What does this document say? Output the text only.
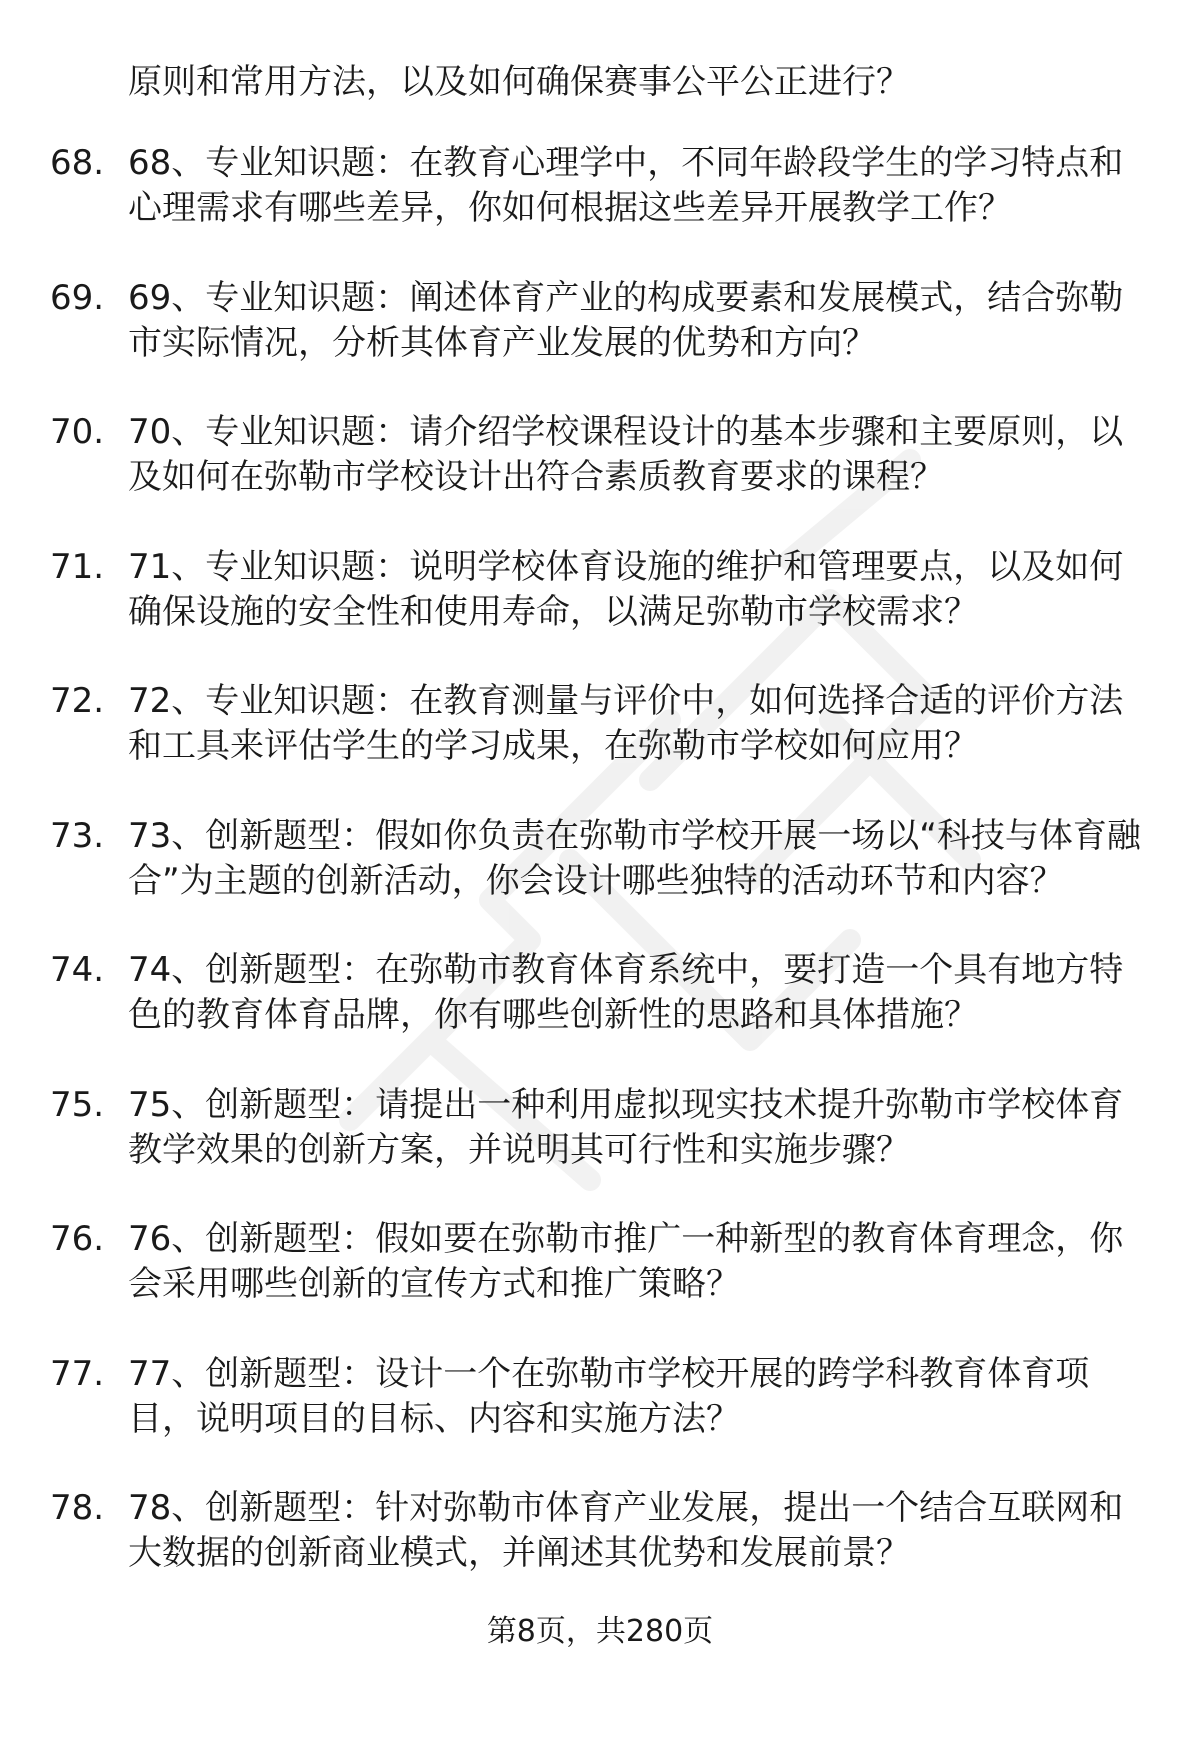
原则和常用方法，以及如何确保赛事公平公正进行？
68. 68、专业知识题：在教育心理学中，不同年龄段学生的学习特点和心理需求有哪些差异，你如何根据这些差异开展教学工作？
69. 69、专业知识题：阐述体育产业的构成要素和发展模式，结合弥勒市实际情况，分析其体育产业发展的优势和方向？
70. 70、专业知识题：请介绍学校课程设计的基本步骤和主要原则，以及如何在弥勒市学校设计出符合素质教育要求的课程？
71. 71、专业知识题：说明学校体育设施的维护和管理要点，以及如何确保设施的安全性和使用寿命，以满足弥勒市学校需求？
72. 72、专业知识题：在教育测量与评价中，如何选择合适的评价方法和工具来评估学生的学习成果，在弥勒市学校如何应用？
73. 73、创新题型：假如你负责在弥勒市学校开展一场以“科技与体育融合”为主题的创新活动，你会设计哪些独特的活动环节和内容？
74. 74、创新题型：在弥勒市教育体育系统中，要打造一个具有地方特色的教育体育品牌，你有哪些创新性的思路和具体措施？
75. 75、创新题型：请提出一种利用虚拟现实技术提升弥勒市学校体育教学效果的创新方案，并说明其可行性和实施步骤？
76. 76、创新题型：假如要在弥勒市推广一种新型的教育体育理念，你会采用哪些创新的宣传方式和推广策略？
77. 77、创新题型：设计一个在弥勒市学校开展的跨学科教育体育项目，说明项目的目标、内容和实施方法？
78. 78、创新题型：针对弥勒市体育产业发展，提出一个结合互联网和大数据的创新商业模式，并阐述其优势和发展前景？
第8页，共280页
